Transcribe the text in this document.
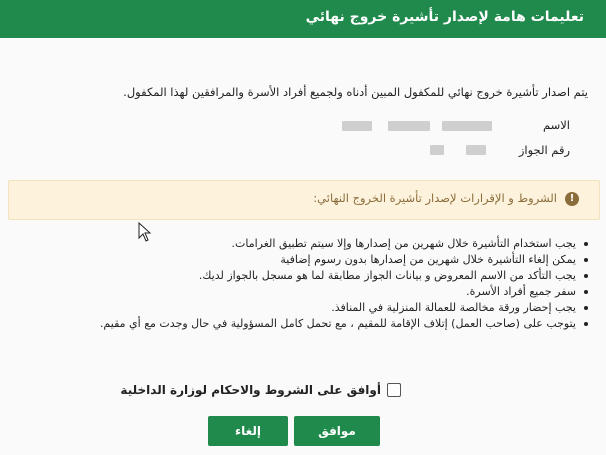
تعليمات هامة لإصدار تأشيرة خروج نهائي
يتم اصدار تأشيرة خروج نهائي للمكفول المبين أدناه ولجميع أفراد الأسرة والمرافقين لهذا المكفول.
الاسم
رقم الجواز
!
الشروط و الإقرارات لإصدار تأشيرة الخروج النهائي:
يجب استخدام التأشيرة خلال شهرين من إصدارها وإلا سيتم تطبيق الغرامات.
يمكن إلغاء التأشيرة خلال شهرين من إصدارها بدون رسوم إضافية
يجب التأكد من الاسم المعروض و بيانات الجواز مطابقة لما هو مسجل بالجواز لديك.
سفر جميع أفراد الأسرة.
يجب إحضار ورقة مخالصة للعمالة المنزلية في المنافذ.
يتوجب على (صاحب العمل) إتلاف الإقامة للمقيم ، مع تحمل كامل المسؤولية في حال وجدت مع أي مقيم.
أوافق على الشروط والاحكام لوزارة الداخلية
موافق
إلغاء
